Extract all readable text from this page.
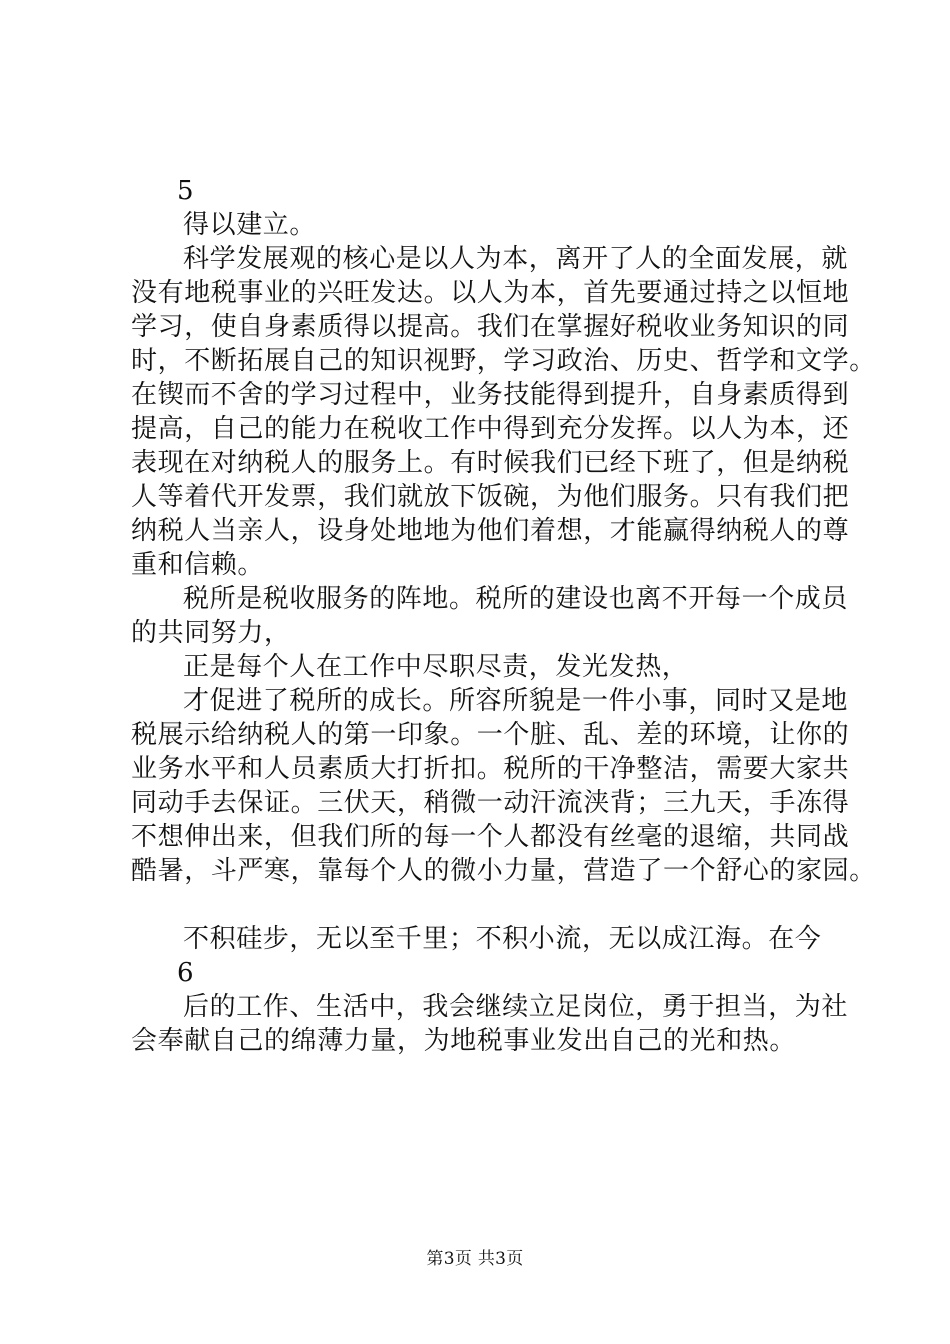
5
得以建立。
科学发展观的核心是以人为本，离开了人的全面发展，就
没有地税事业的兴旺发达。以人为本，首先要通过持之以恒地
学习，使自身素质得以提高。我们在掌握好税收业务知识的同
时，不断拓展自己的知识视野，学习政治、历史、哲学和文学。
在锲而不舍的学习过程中，业务技能得到提升，自身素质得到
提高，自己的能力在税收工作中得到充分发挥。以人为本，还
表现在对纳税人的服务上。有时候我们已经下班了，但是纳税
人等着代开发票，我们就放下饭碗，为他们服务。只有我们把
纳税人当亲人，设身处地地为他们着想，才能赢得纳税人的尊
重和信赖。
税所是税收服务的阵地。税所的建设也离不开每一个成员
的共同努力，
正是每个人在工作中尽职尽责，发光发热，
才促进了税所的成长。所容所貌是一件小事，同时又是地
税展示给纳税人的第一印象。一个脏、乱、差的环境，让你的
业务水平和人员素质大打折扣。税所的干净整洁，需要大家共
同动手去保证。三伏天，稍微一动汗流浃背；三九天，手冻得
不想伸出来，但我们所的每一个人都没有丝毫的退缩，共同战
酷暑，斗严寒，靠每个人的微小力量，营造了一个舒心的家园。
不积硅步，无以至千里；不积小流，无以成江海。在今
6
后的工作、生活中，我会继续立足岗位，勇于担当，为社
会奉献自己的绵薄力量，为地税事业发出自己的光和热。
第3页 共3页
